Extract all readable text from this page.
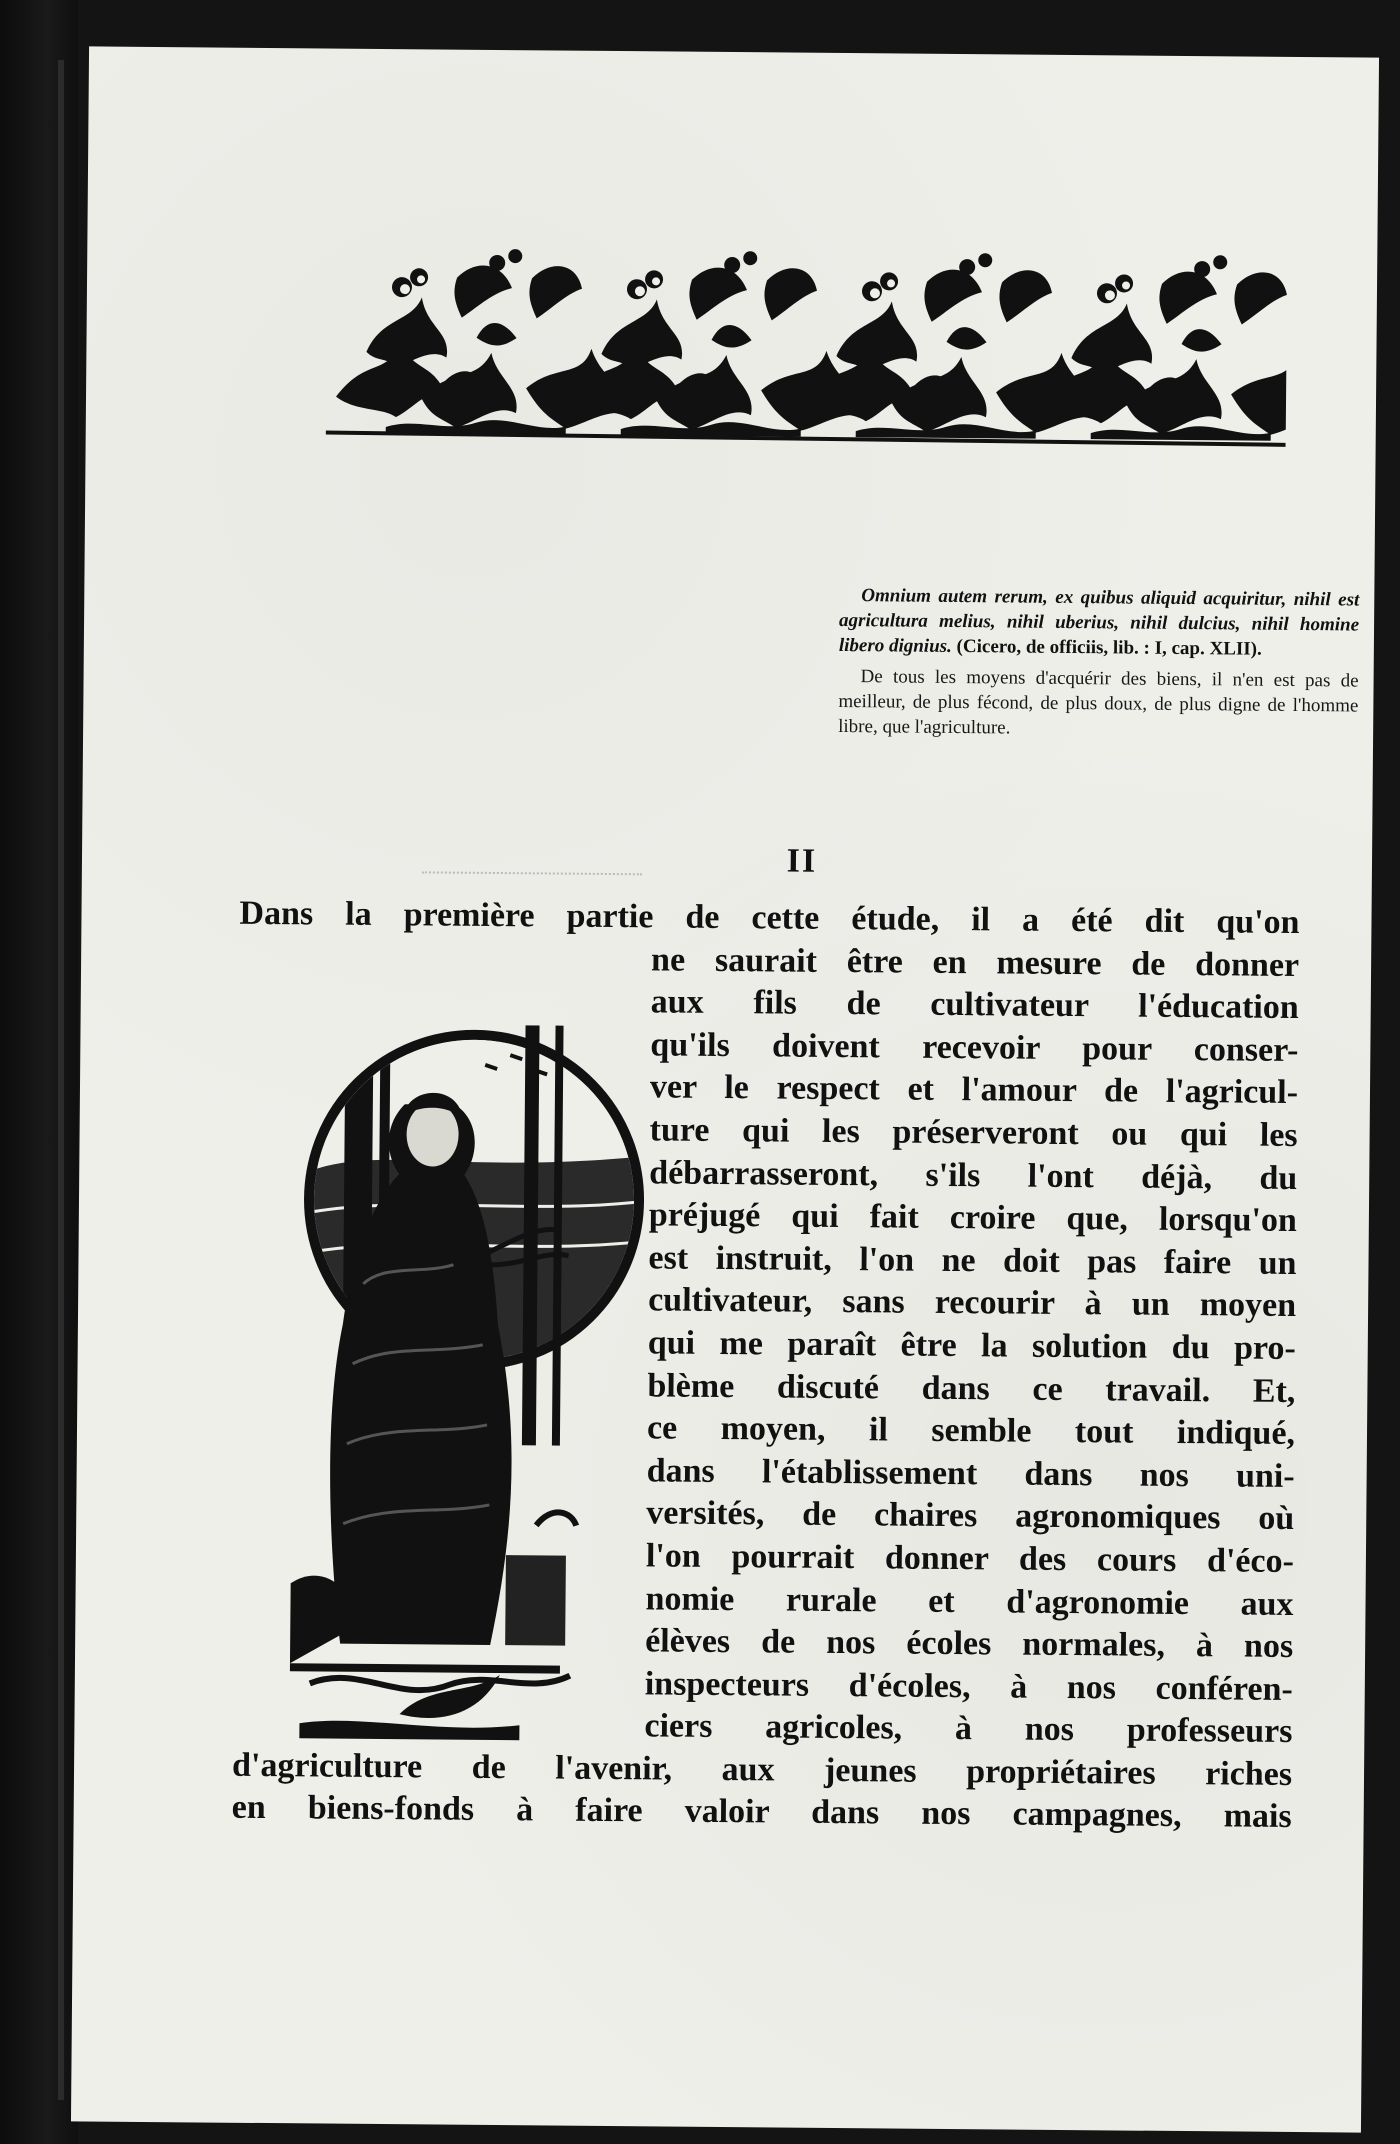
Omnium autem rerum, ex quibus aliquid acquiritur, nihil est agricultura melius, nihil uberius, nihil dulcius, nihil homine libero dignius. (Cicero, de officiis, lib. : I, cap. XLII).

De tous les moyens d'acquérir des biens, il n'en est pas de meilleur, de plus fécond, de plus doux, de plus digne de l'homme libre, que l'agriculture.

II
Dans la première partie de cette étude, il a été dit qu'on
ne saurait être en mesure de donner
aux fils de cultivateur l'éducation
qu'ils doivent recevoir pour conser-
ver le respect et l'amour de l'agricul-
ture qui les préserveront ou qui les
débarrasseront, s'ils l'ont déjà, du
préjugé qui fait croire que, lorsqu'on
est instruit, l'on ne doit pas faire un
cultivateur, sans recourir à un moyen
qui me paraît être la solution du pro-
blème discuté dans ce travail. Et,
ce moyen, il semble tout indiqué,
dans l'établissement dans nos uni-
versités, de chaires agronomiques où
l'on pourrait donner des cours d'éco-
nomie rurale et d'agronomie aux
élèves de nos écoles normales, à nos
inspecteurs d'écoles, à nos conféren-
ciers agricoles, à nos professeurs
d'agriculture de l'avenir, aux jeunes propriétaires riches
en biens-fonds à faire valoir dans nos campagnes, mais
